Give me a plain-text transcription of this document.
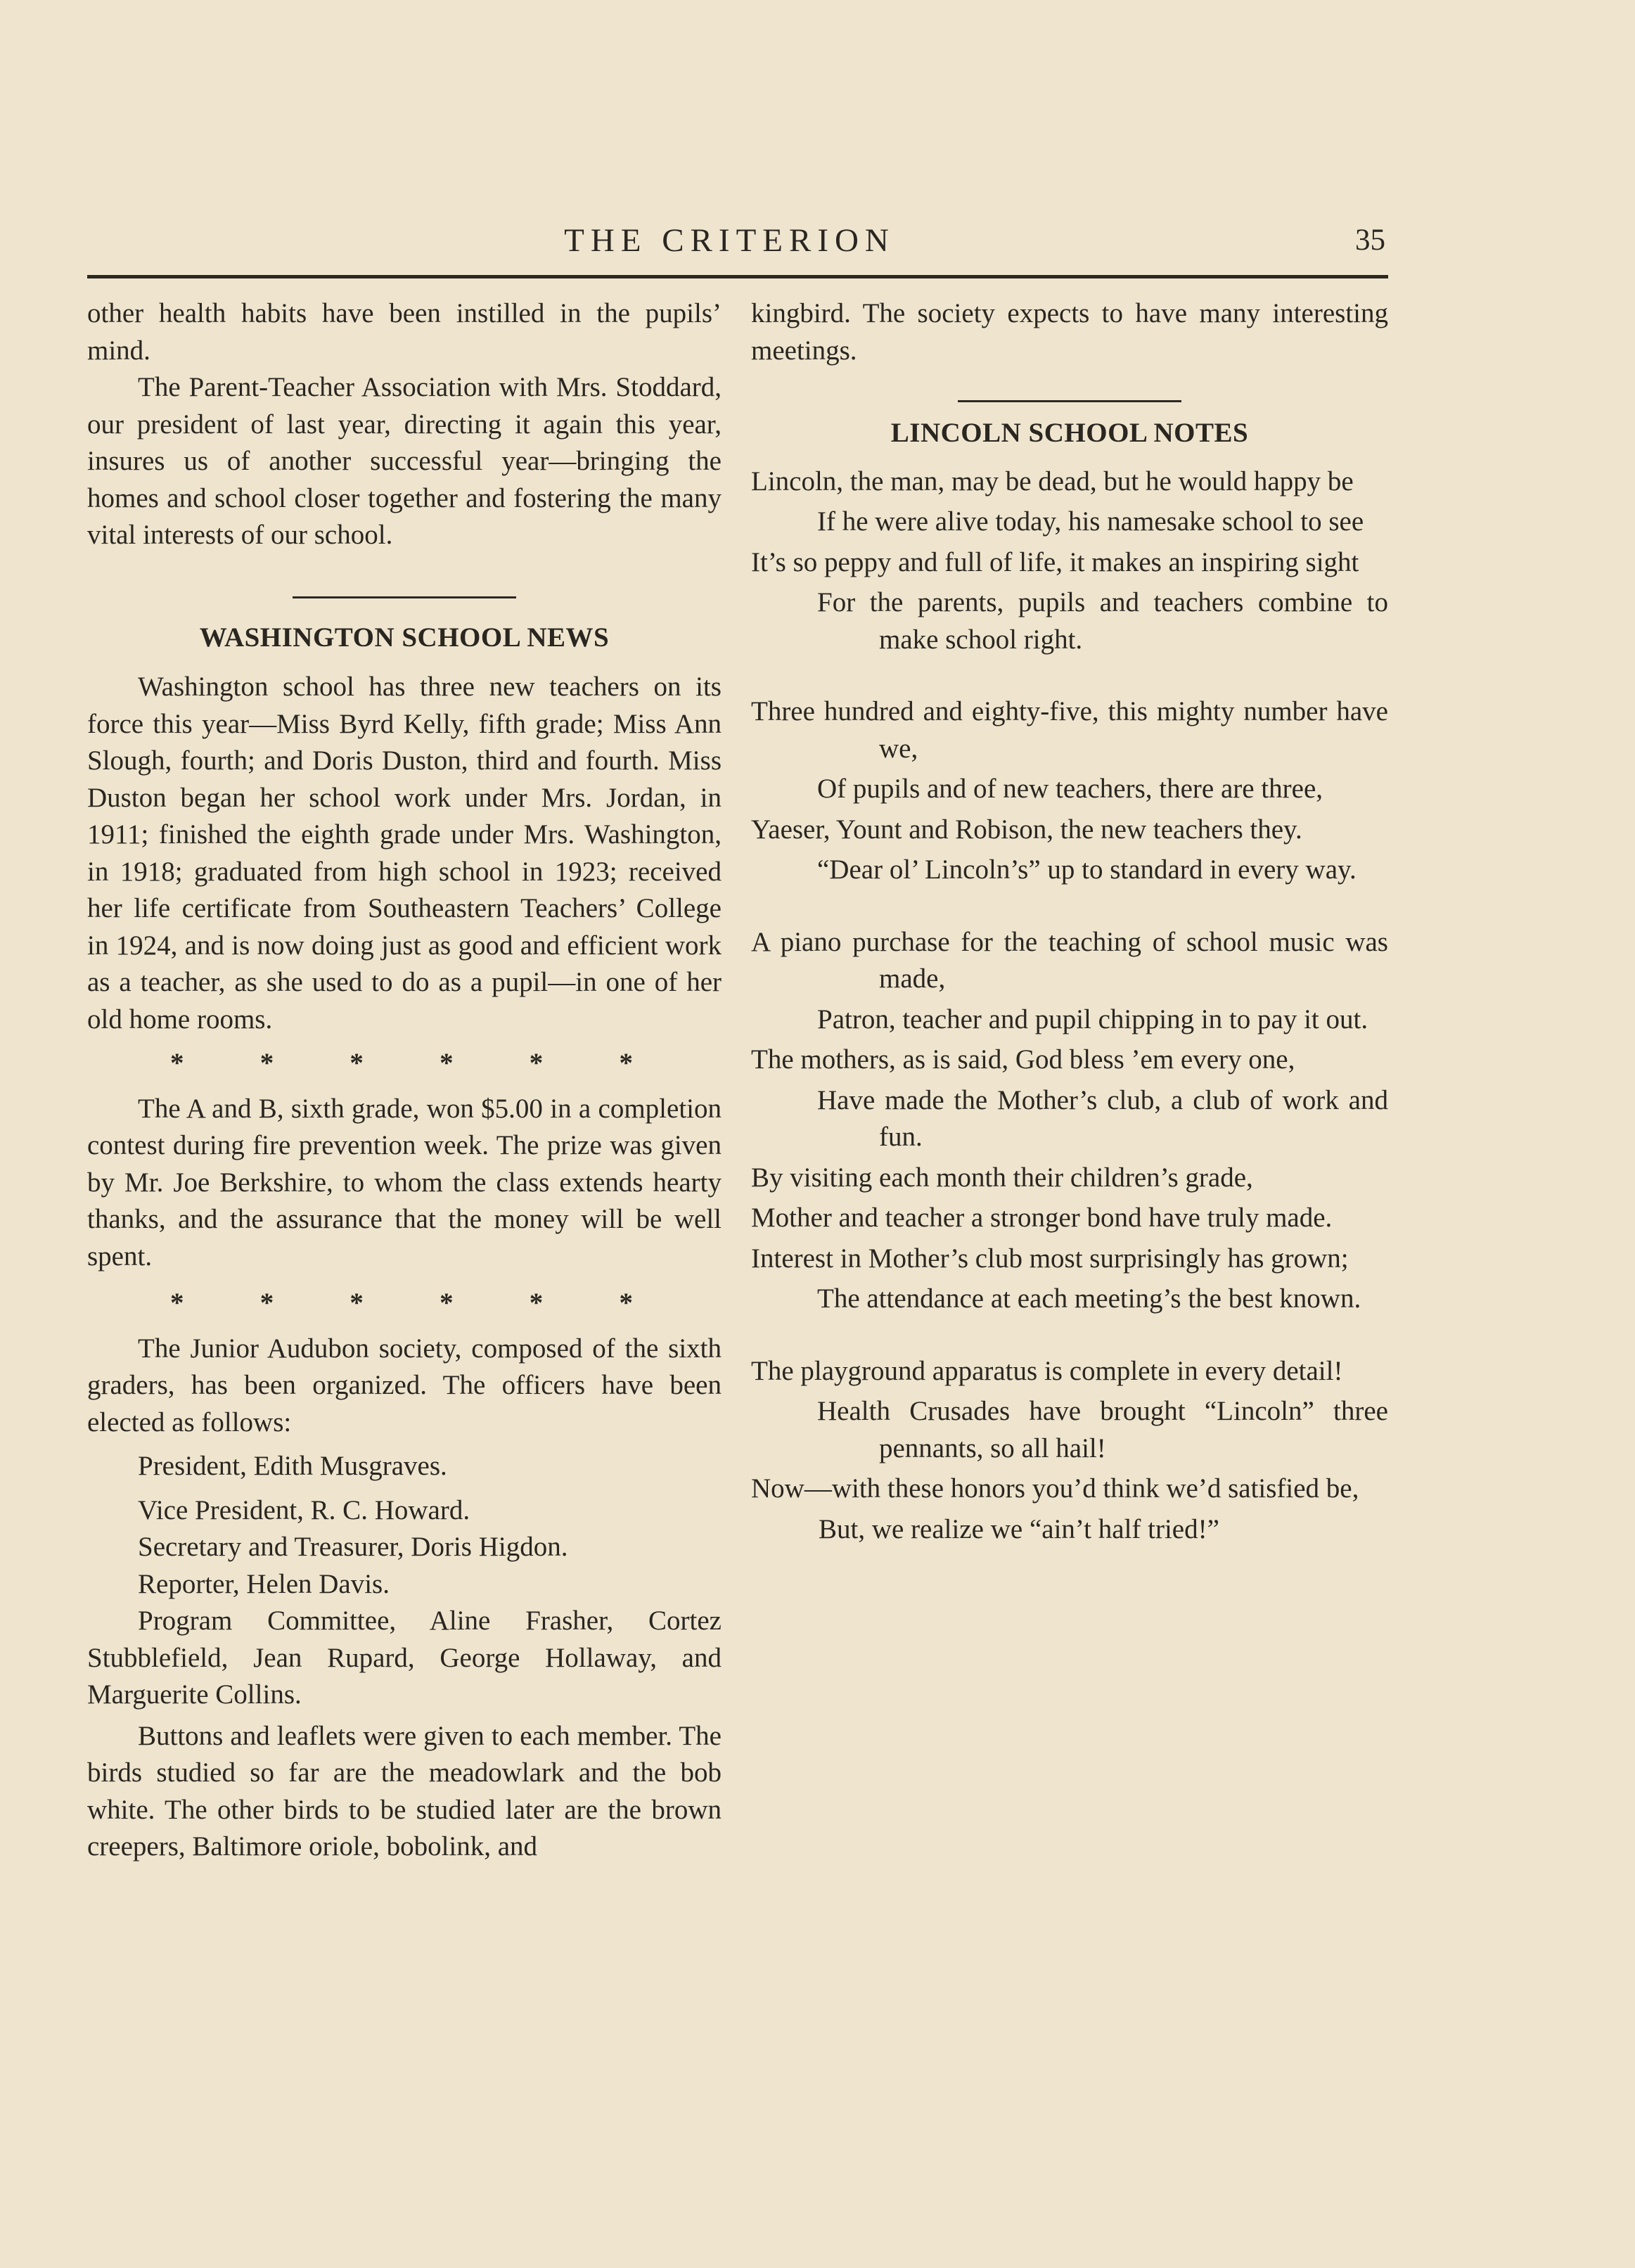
THE CRITERION	35

other health habits have been instilled in the pupils’ mind.

The Parent-Teacher Association with Mrs. Stoddard, our president of last year, directing it again this year, insures us of another successful year—bringing the homes and school closer together and fostering the many vital interests of our school.

WASHINGTON SCHOOL NEWS

Washington school has three new teachers on its force this year—Miss Byrd Kelly, fifth grade; Miss Ann Slough, fourth; and Doris Duston, third and fourth. Miss Duston began her school work under Mrs. Jordan, in 1911; finished the eighth grade under Mrs. Washington, in 1918; graduated from high school in 1923; received her life certificate from Southeastern Teachers’ College in 1924, and is now doing just as good and efficient work as a teacher, as she used to do as a pupil—in one of her old home rooms.

*	*	*	*	*	*

The A and B, sixth grade, won $5.00 in a completion contest during fire prevention week. The prize was given by Mr. Joe Berkshire, to whom the class extends hearty thanks, and the assurance that the money will be well spent.

*	*	*	*	*	*

The Junior Audubon society, composed of the sixth graders, has been organized. The officers have been elected as follows:

President, Edith Musgraves.

Vice President, R. C. Howard.

Secretary and Treasurer, Doris Higdon.

Reporter, Helen Davis.

Program Committee, Aline Frasher, Cortez Stubblefield, Jean Rupard, George Hollaway, and Marguerite Collins.

Buttons and leaflets were given to each member. The birds studied so far are the meadowlark and the bob white. The other birds to be studied later are the brown creepers, Baltimore oriole, bobolink, and

kingbird. The society expects to have many interesting meetings.

LINCOLN SCHOOL NOTES

Lincoln, the man, may be dead, but he would happy be

If he were alive today, his namesake school to see

It’s so peppy and full of life, it makes an inspiring sight

For the parents, pupils and teachers combine to make school right.

Three hundred and eighty-five, this mighty number have we,

Of pupils and of new teachers, there are three,

Yaeser, Yount and Robison, the new teachers they.

“Dear ol’ Lincoln’s” up to standard in every way.

A piano purchase for the teaching of school music was made,

Patron, teacher and pupil chipping in to pay it out.

The mothers, as is said, God bless ’em every one,

Have made the Mother’s club, a club of work and fun.

By visiting each month their children’s grade,

Mother and teacher a stronger bond have truly made.

Interest in Mother’s club most surprisingly has grown;

The attendance at each meeting’s the best known.

The playground apparatus is complete in every detail!

Health Crusades have brought “Lincoln” three pennants, so all hail!

Now—with these honors you’d think we’d satisfied be,

But, we realize we “ain’t half tried!”
